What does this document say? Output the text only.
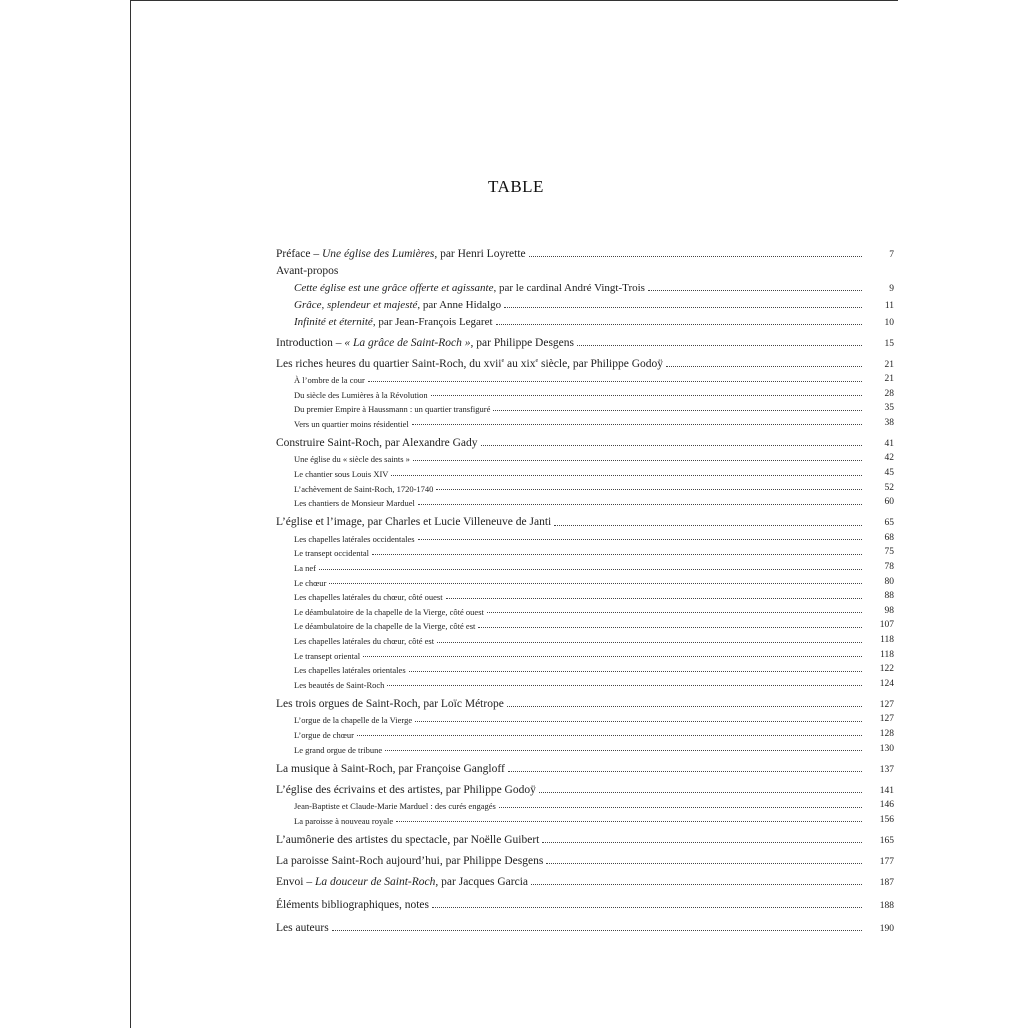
TABLE
Préface – Une église des Lumières, par Henri Loyrette	7
Avant-propos
Cette église est une grâce offerte et agissante, par le cardinal André Vingt-Trois	9
Grâce, splendeur et majesté, par Anne Hidalgo	11
Infinité et éternité, par Jean-François Legaret	10
Introduction – « La grâce de Saint-Roch », par Philippe Desgens	15
Les riches heures du quartier Saint-Roch, du xvii$^e$ au xix$^e$ siècle, par Philippe Godoÿ	21
À l’ombre de la cour	21
Du siècle des Lumières à la Révolution	28
Du premier Empire à Haussmann : un quartier transfiguré	35
Vers un quartier moins résidentiel	38
Construire Saint-Roch, par Alexandre Gady	41
Une église du « siècle des saints »	42
Le chantier sous Louis XIV	45
L’achèvement de Saint-Roch, 1720-1740	52
Les chantiers de Monsieur Marduel	60
L’église et l’image, par Charles et Lucie Villeneuve de Janti	65
Les chapelles latérales occidentales	68
Le transept occidental	75
La nef	78
Le chœur	80
Les chapelles latérales du chœur, côté ouest	88
Le déambulatoire de la chapelle de la Vierge, côté ouest	98
Le déambulatoire de la chapelle de la Vierge, côté est	107
Les chapelles latérales du chœur, côté est	118
Le transept oriental	118
Les chapelles latérales orientales	122
Les beautés de Saint-Roch	124
Les trois orgues de Saint-Roch, par Loïc Métrope	127
L’orgue de la chapelle de la Vierge	127
L’orgue de chœur	128
Le grand orgue de tribune	130
La musique à Saint-Roch, par Françoise Gangloff	137
L’église des écrivains et des artistes, par Philippe Godoÿ	141
Jean-Baptiste et Claude-Marie Marduel : des curés engagés	146
La paroisse à nouveau royale	156
L’aumônerie des artistes du spectacle, par Noëlle Guibert	165
La paroisse Saint-Roch aujourd’hui, par Philippe Desgens	177
Envoi – La douceur de Saint-Roch, par Jacques Garcia	187
Éléments bibliographiques, notes	188
Les auteurs	190
